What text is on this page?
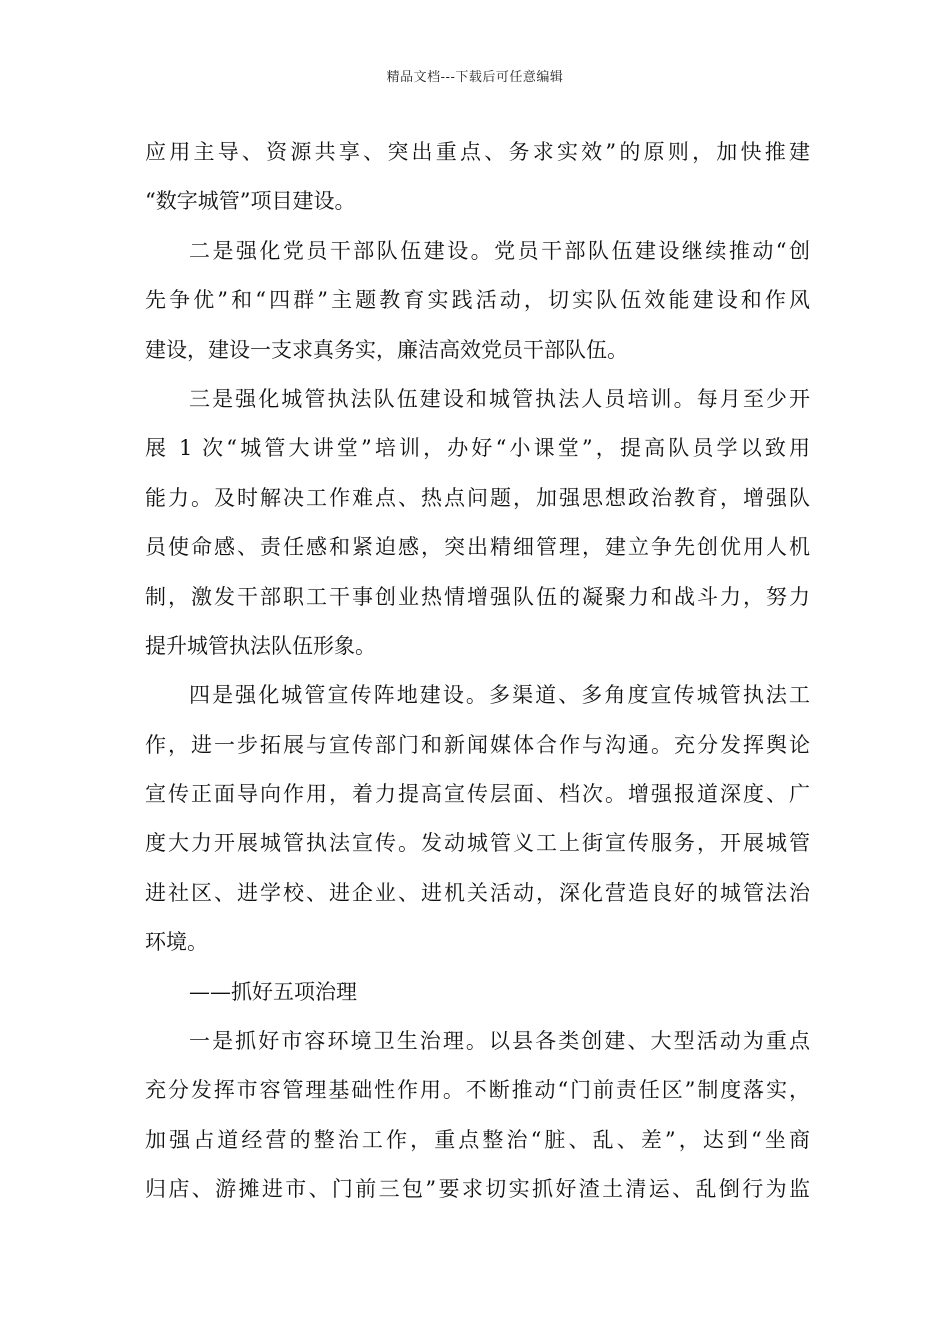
精品文档---下载后可任意编辑
应用主导、资源共享、突出重点、务求实效”的原则，加快推建
“数字城管”项目建设。
二是强化党员干部队伍建设。党员干部队伍建设继续推动“创
先争优”和“四群”主题教育实践活动，切实队伍效能建设和作风
建设，建设一支求真务实，廉洁高效党员干部队伍。
三是强化城管执法队伍建设和城管执法人员培训。每月至少开
展 1 次“城管大讲堂”培训，办好“小课堂”，提高队员学以致用
能力。及时解决工作难点、热点问题，加强思想政治教育，增强队
员使命感、责任感和紧迫感，突出精细管理，建立争先创优用人机
制，激发干部职工干事创业热情增强队伍的凝聚力和战斗力，努力
提升城管执法队伍形象。
四是强化城管宣传阵地建设。多渠道、多角度宣传城管执法工
作，进一步拓展与宣传部门和新闻媒体合作与沟通。充分发挥舆论
宣传正面导向作用，着力提高宣传层面、档次。增强报道深度、广
度大力开展城管执法宣传。发动城管义工上街宣传服务，开展城管
进社区、进学校、进企业、进机关活动，深化营造良好的城管法治
环境。
——抓好五项治理
一是抓好市容环境卫生治理。以县各类创建、大型活动为重点
充分发挥市容管理基础性作用。不断推动“门前责任区”制度落实，
加强占道经营的整治工作，重点整治“脏、乱、差”，达到“坐商
归店、游摊进市、门前三包”要求切实抓好渣土清运、乱倒行为监
